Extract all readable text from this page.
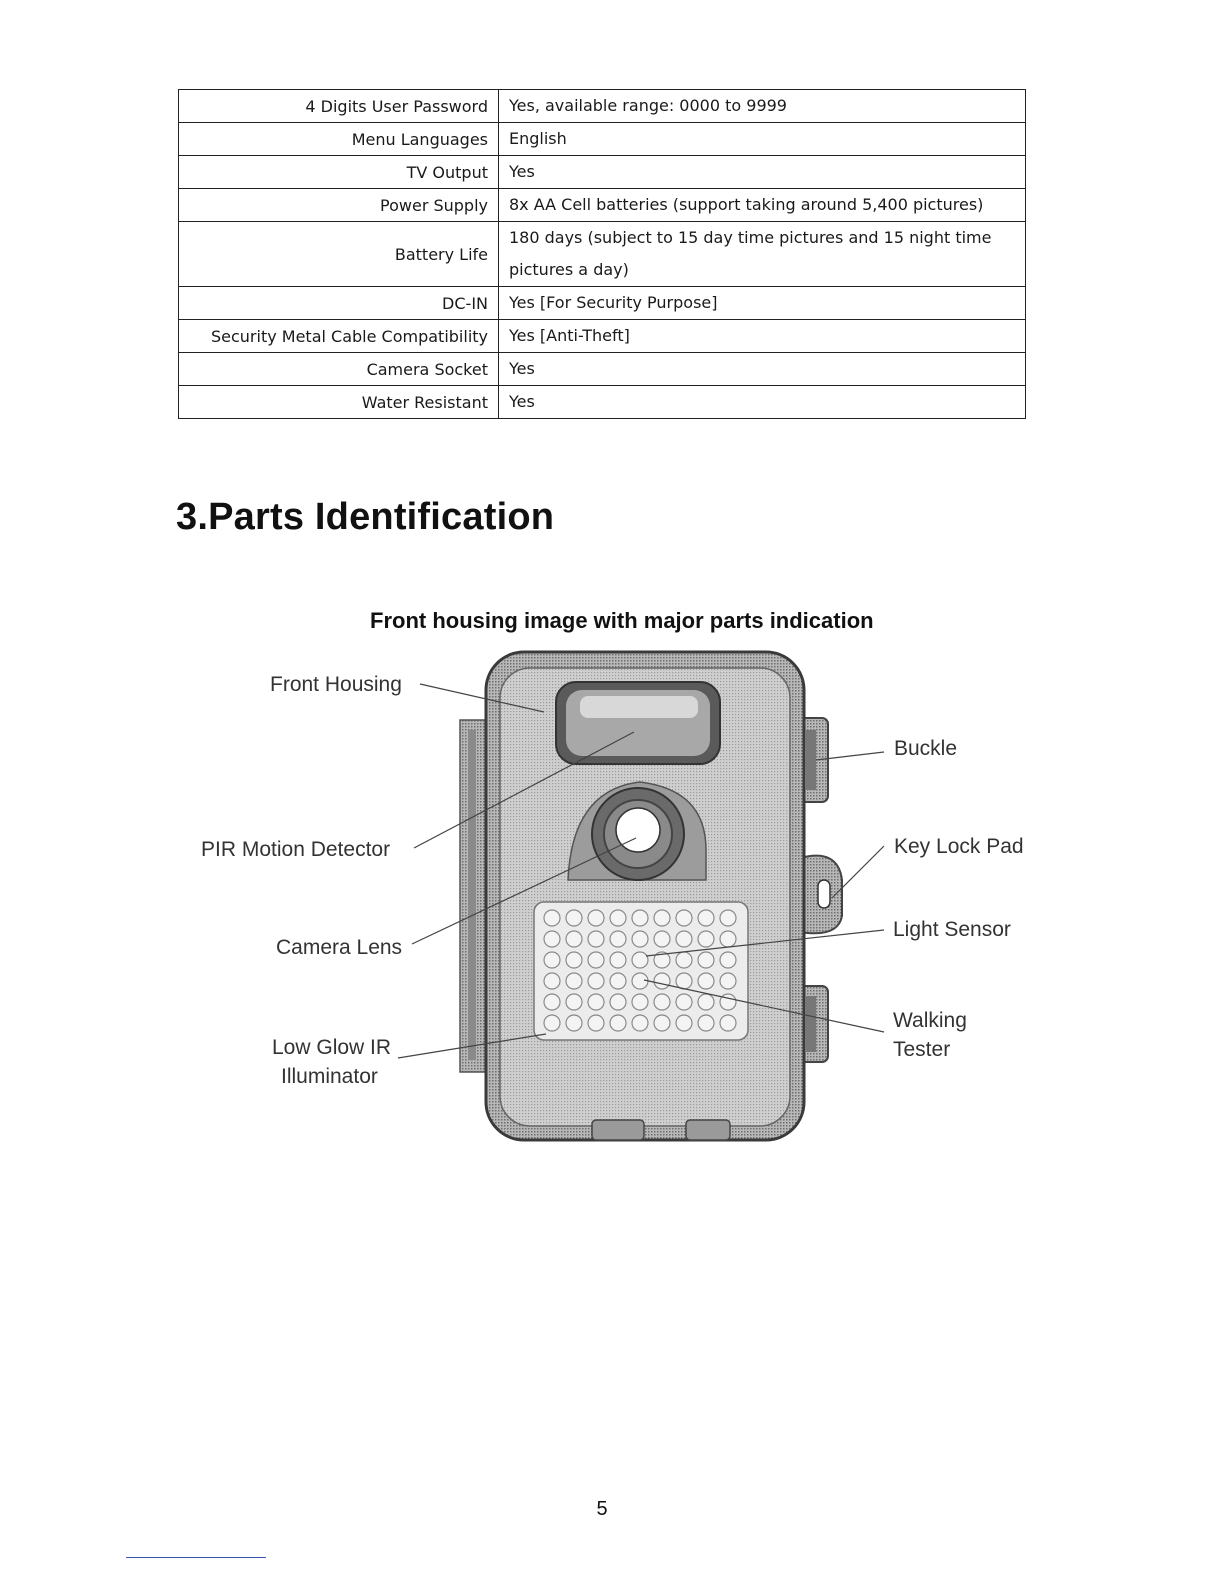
4 Digits User Password	Yes, available range: 0000 to 9999
Menu Languages	English
TV Output	Yes
Power Supply	8x AA Cell batteries (support taking around 5,400 pictures)
Battery Life	180 days (subject to 15 day time pictures and 15 night time pictures a day)
DC-IN	Yes [For Security Purpose]
Security Metal Cable Compatibility	Yes [Anti-Theft]
Camera Socket	Yes
Water Resistant	Yes
3.Parts Identification
Front housing image with major parts indication
Front Housing
PIR Motion Detector
Camera Lens
Low Glow IR
Illuminator
Buckle
Key Lock Pad
Light Sensor
Walking
Tester
5
